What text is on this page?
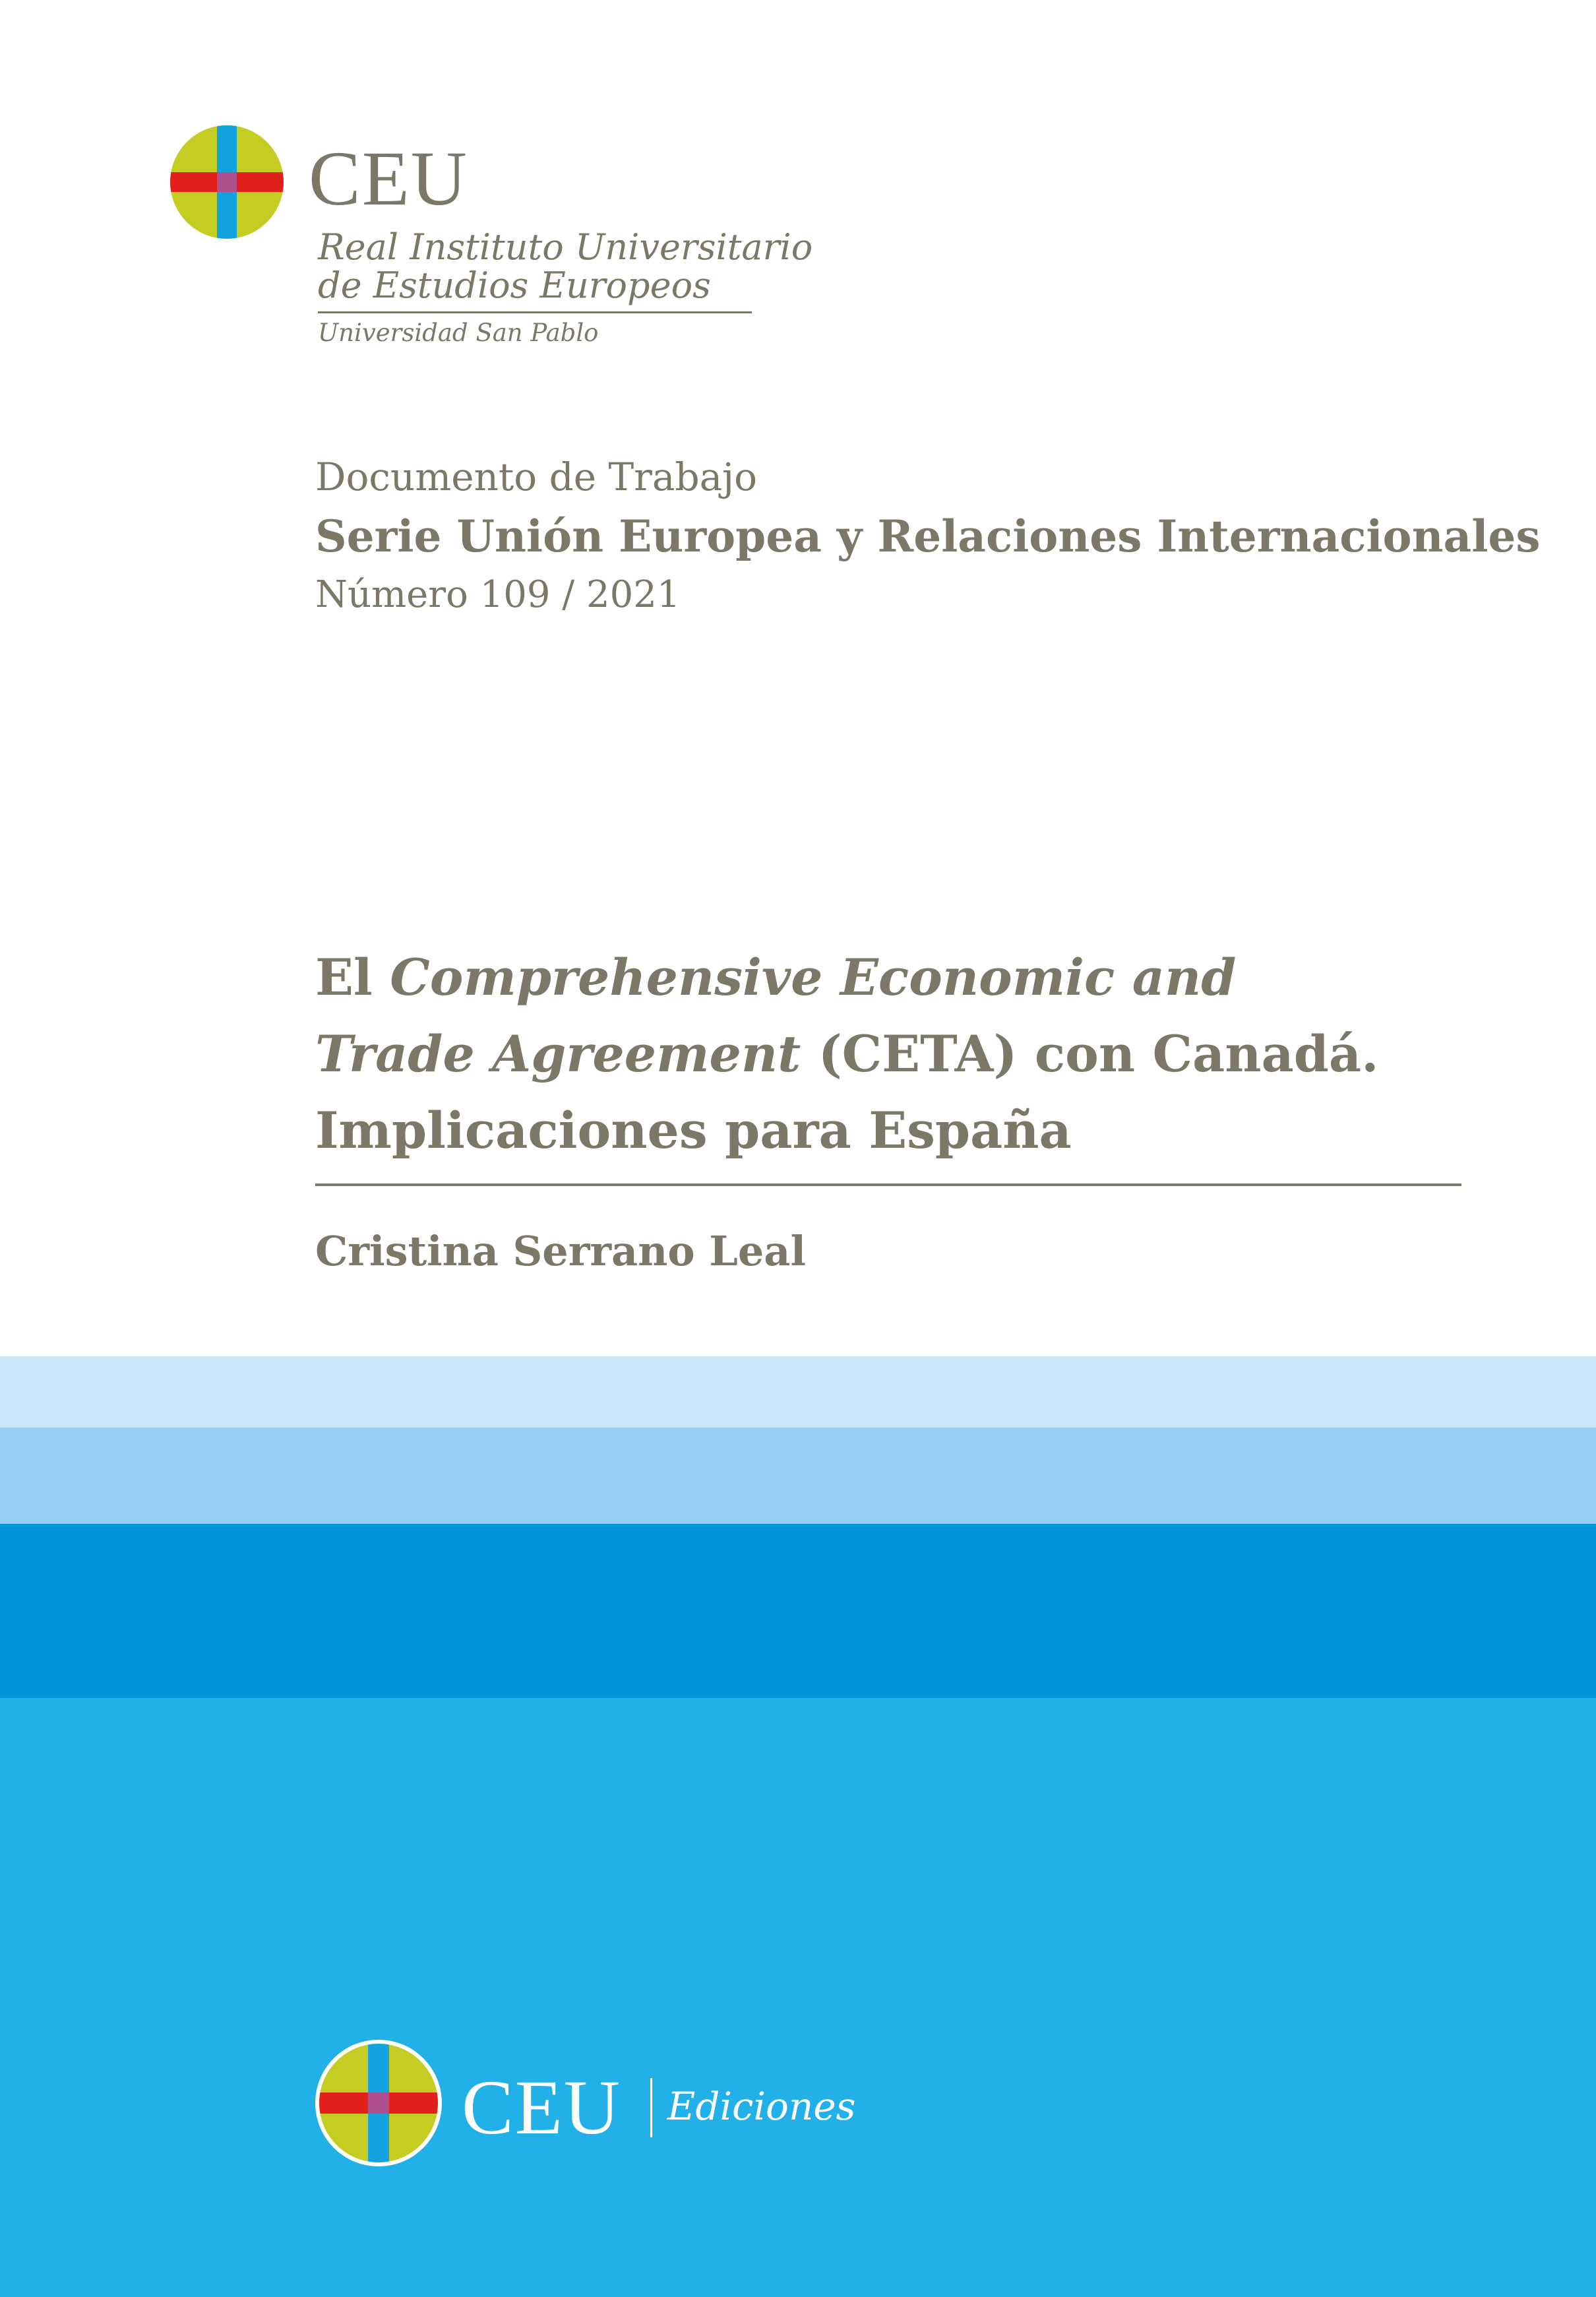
CEU
Real Instituto Universitario
de Estudios Europeos
Universidad San Pablo
Documento de Trabajo
Serie Unión Europea y Relaciones Internacionales
Número 109 / 2021
El Comprehensive Economic and
Trade Agreement (CETA) con Canadá.
Implicaciones para España
Cristina Serrano Leal
CEU Ediciones
